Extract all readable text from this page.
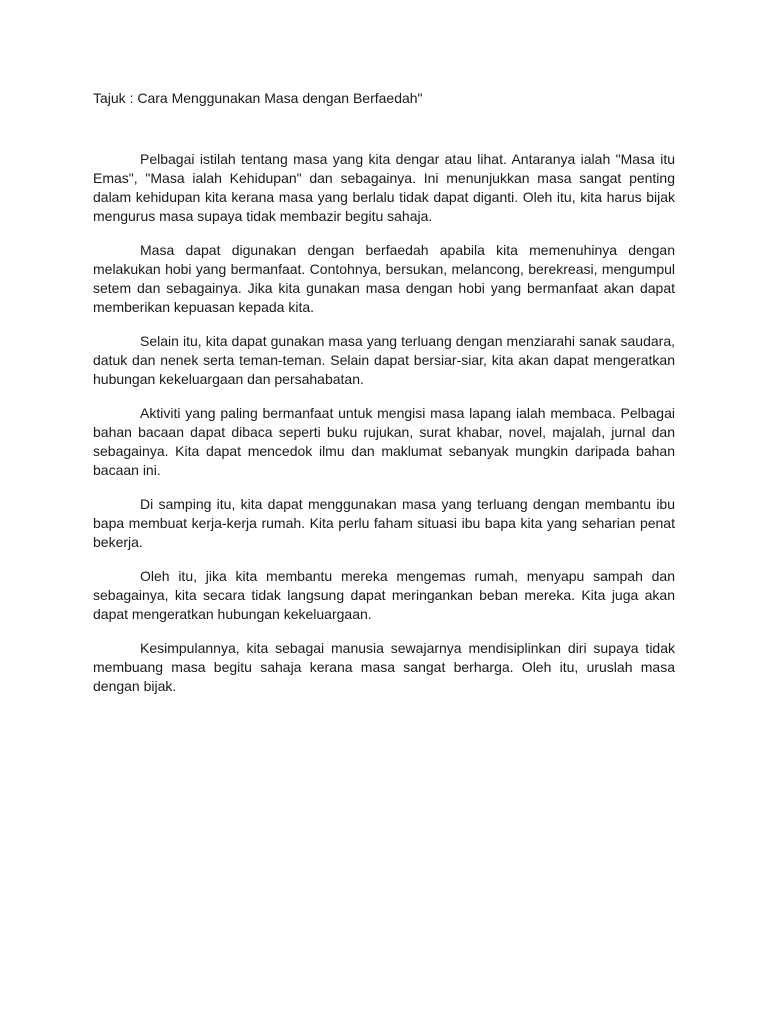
Tajuk : Cara Menggunakan Masa dengan Berfaedah"

Pelbagai istilah tentang masa yang kita dengar atau lihat. Antaranya ialah "Masa itu Emas", "Masa ialah Kehidupan" dan sebagainya. Ini menunjukkan masa sangat penting dalam kehidupan kita kerana masa yang berlalu tidak dapat diganti. Oleh itu, kita harus bijak mengurus masa supaya tidak membazir begitu sahaja.

Masa dapat digunakan dengan berfaedah apabila kita memenuhinya dengan melakukan hobi yang bermanfaat. Contohnya, bersukan, melancong, berekreasi, mengumpul setem dan sebagainya. Jika kita gunakan masa dengan hobi yang bermanfaat akan dapat memberikan kepuasan kepada kita.

Selain itu, kita dapat gunakan masa yang terluang dengan menziarahi sanak saudara, datuk dan nenek serta teman-teman. Selain dapat bersiar-siar, kita akan dapat mengeratkan hubungan kekeluargaan dan persahabatan.

Aktiviti yang paling bermanfaat untuk mengisi masa lapang ialah membaca. Pelbagai bahan bacaan dapat dibaca seperti buku rujukan, surat khabar, novel, majalah, jurnal dan sebagainya. Kita dapat mencedok ilmu dan maklumat sebanyak mungkin daripada bahan bacaan ini.

Di samping itu, kita dapat menggunakan masa yang terluang dengan membantu ibu bapa membuat kerja-kerja rumah. Kita perlu faham situasi ibu bapa kita yang seharian penat bekerja.

Oleh itu, jika kita membantu mereka mengemas rumah, menyapu sampah dan sebagainya, kita secara tidak langsung dapat meringankan beban mereka. Kita juga akan dapat mengeratkan hubungan kekeluargaan.

Kesimpulannya, kita sebagai manusia sewajarnya mendisiplinkan diri supaya tidak membuang masa begitu sahaja kerana masa sangat berharga. Oleh itu, uruslah masa dengan bijak.
